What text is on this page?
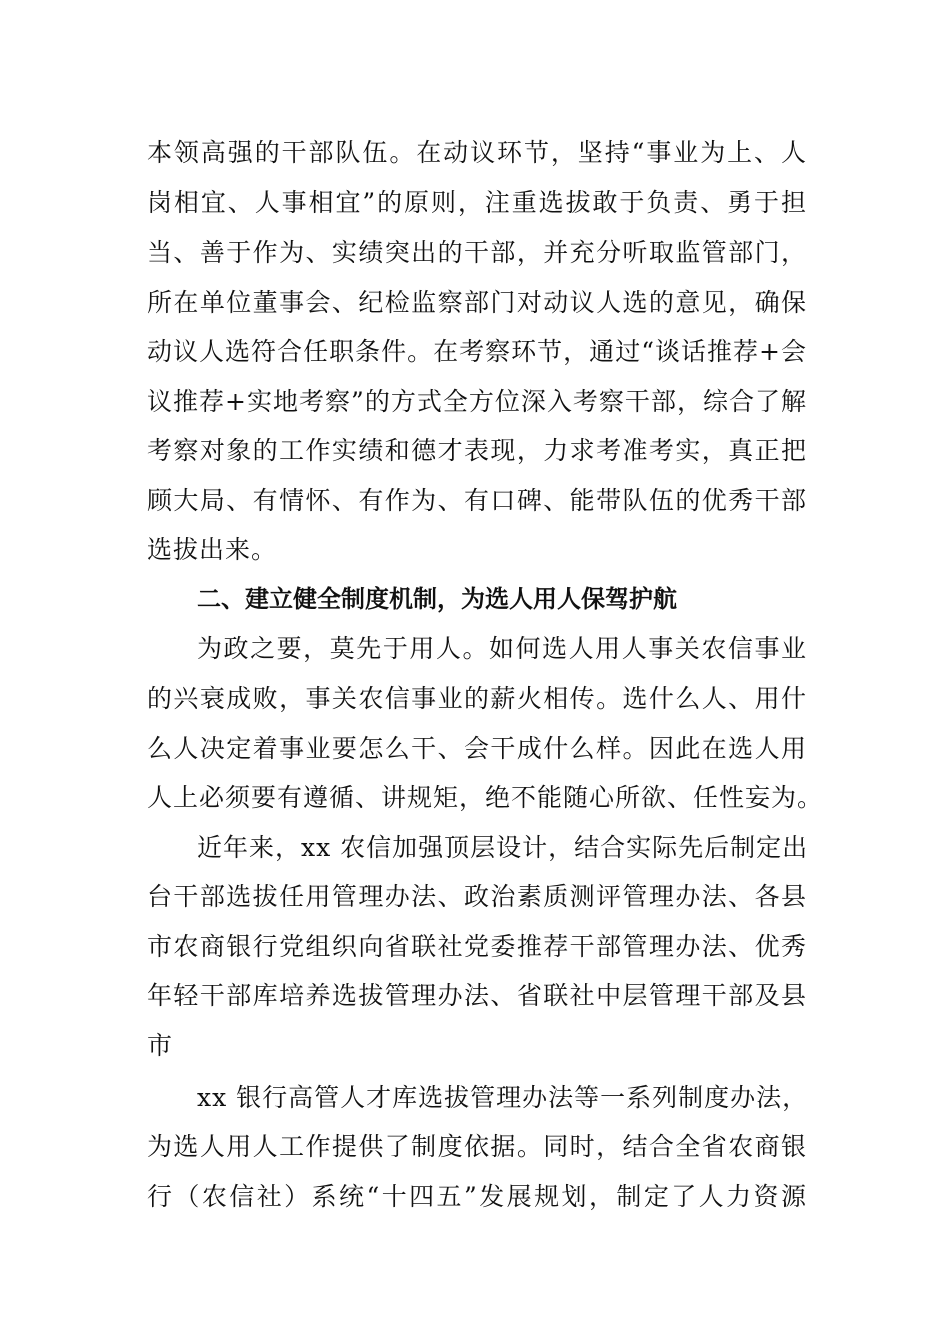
本领高强的干部队伍。在动议环节，坚持“事业为上、人
岗相宜、人事相宜”的原则，注重选拔敢于负责、勇于担
当、善于作为、实绩突出的干部，并充分听取监管部门，
所在单位董事会、纪检监察部门对动议人选的意见，确保
动议人选符合任职条件。在考察环节，通过“谈话推荐+会
议推荐+实地考察”的方式全方位深入考察干部，综合了解
考察对象的工作实绩和德才表现，力求考准考实，真正把
顾大局、有情怀、有作为、有口碑、能带队伍的优秀干部
选拔出来。
二、建立健全制度机制，为选人用人保驾护航
为政之要，莫先于用人。如何选人用人事关农信事业
的兴衰成败，事关农信事业的薪火相传。选什么人、用什
么人决定着事业要怎么干、会干成什么样。因此在选人用
人上必须要有遵循、讲规矩，绝不能随心所欲、任性妄为。
近年来，xx 农信加强顶层设计，结合实际先后制定出
台干部选拔任用管理办法、政治素质测评管理办法、各县
市农商银行党组织向省联社党委推荐干部管理办法、优秀
年轻干部库培养选拔管理办法、省联社中层管理干部及县
市
xx 银行高管人才库选拔管理办法等一系列制度办法，
为选人用人工作提供了制度依据。同时，结合全省农商银
行（农信社）系统“十四五”发展规划，制定了人力资源
